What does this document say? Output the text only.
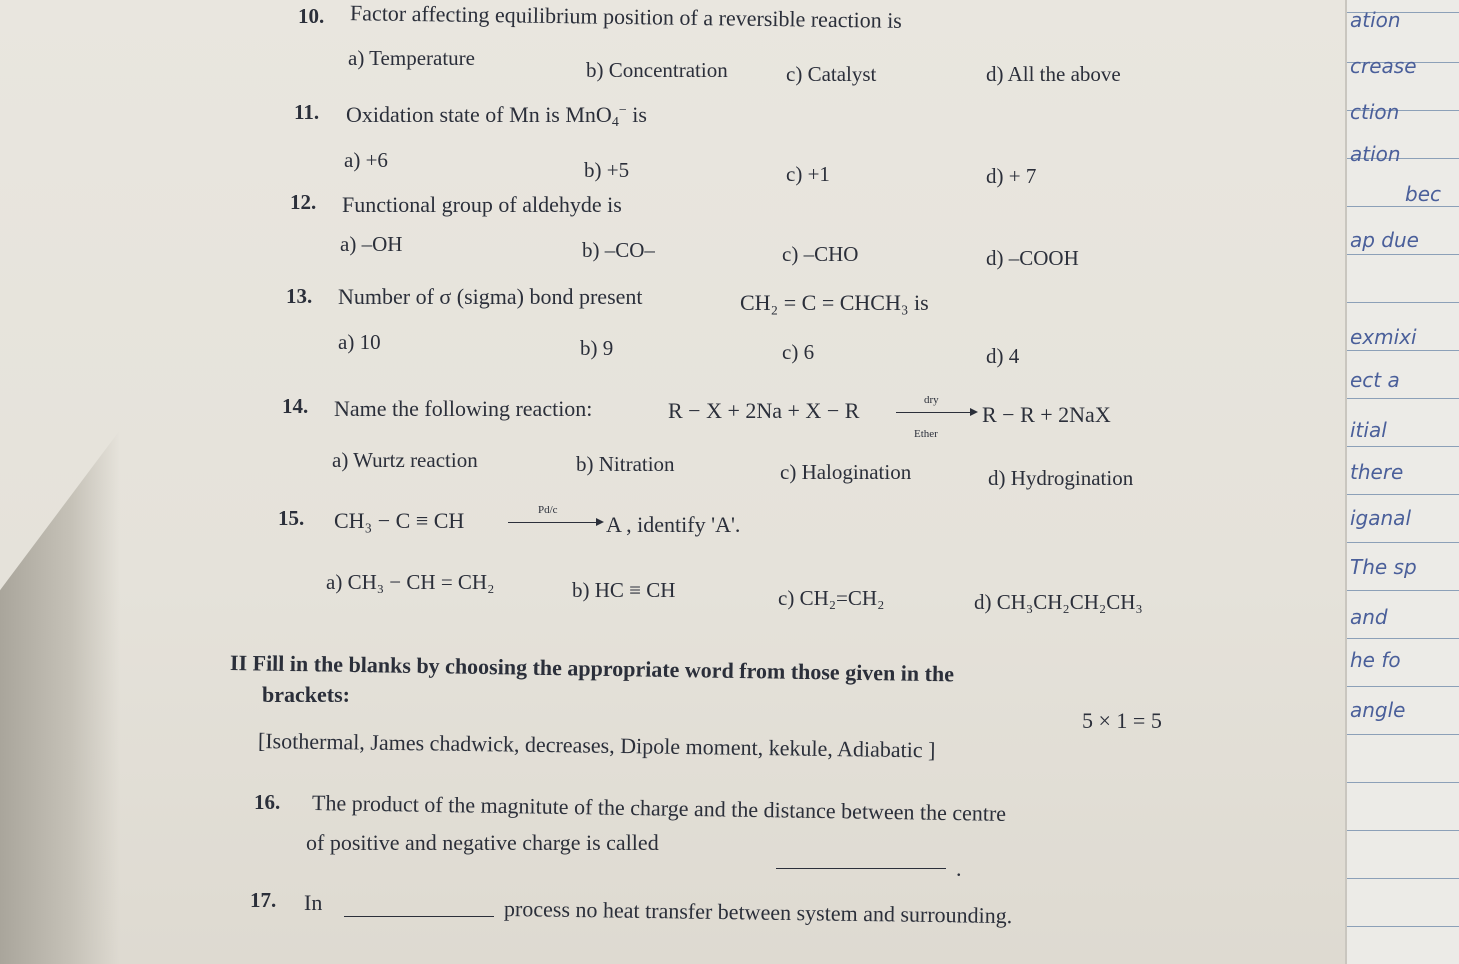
ation
crease
ction
ation
bec
ap due
exmixi
ect a
itial
there
iganal
The sp
and
he fo
angle
10. Factor affecting equilibrium position of a reversible reaction is
a) Temperature	b) Concentration	c) Catalyst	d) All the above
11. Oxidation state of Mn is MnO$_4$− is
a) +6	b) +5	c) +1	d) + 7
12. Functional group of aldehyde is
a) –OH	b) –CO–	c) –CHO	d) –COOH
13. Number of σ (sigma) bond present	CH₂ = C = CHCH₃ is
a) 10	b) 9	c) 6	d) 4
14. Name the following reaction:	R − X + 2Na + X − R	dry
Ether
R − R + 2NaX
a) Wurtz reaction	b) Nitration	c) Halogination	d) Hydrogination
15. CH₃ − C ≡ CH	Pd/c
A , identify 'A'.
a) CH₃ − CH = CH₂	b) HC ≡ CH	c) CH₂=CH₂	d) CH₃CH₂CH₂CH₃
II Fill in the blanks by choosing the appropriate word from those given in the
brackets:
5 × 1 = 5
[Isothermal, James chadwick, decreases, Dipole moment, kekule, Adiabatic ]
16. The product of the magnitute of the charge and the distance between the centre
of positive and negative charge is called
.
17. In	process no heat transfer between system and surrounding.
